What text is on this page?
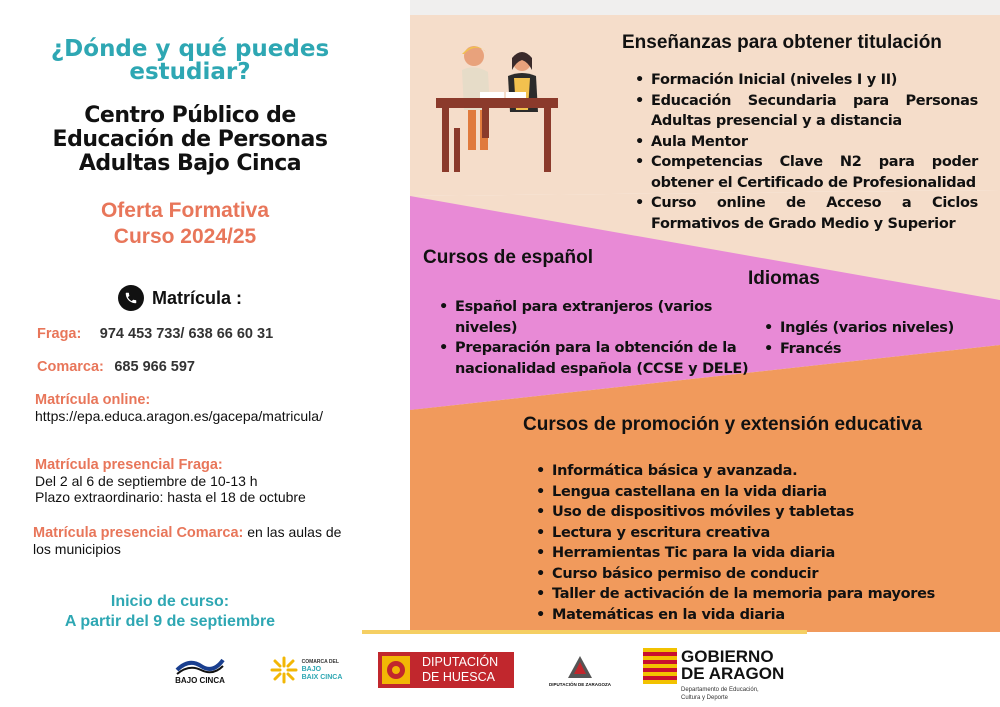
¿Dónde y qué puedes estudiar?
Centro Público de Educación de Personas Adultas Bajo Cinca
Oferta Formativa
Curso 2024/25
Matrícula :
Fraga: 974 453 733/ 638 66 60 31
Comarca: 685 966 597
Matrícula online:
https://epa.educa.aragon.es/gacepa/matricula/
Matrícula presencial Fraga:
Del 2 al 6 de septiembre de 10-13 h
Plazo extraordinario: hasta el 18 de octubre
Matrícula presencial Comarca: en las aulas de los municipios
Inicio de curso:
A partir del 9 de septiembre
Enseñanzas para obtener titulación
• Formación Inicial (niveles I y II)
• Educación Secundaria para Personas Adultas presencial y a distancia
• Aula Mentor
• Competencias Clave N2 para poder obtener el Certificado de Profesionalidad
• Curso online de Acceso a Ciclos Formativos de Grado Medio y Superior
Cursos de español
• Español para extranjeros (varios niveles)
• Preparación para la obtención de la nacionalidad española (CCSE y DELE)
Idiomas
• Inglés (varios niveles)
• Francés
Cursos de promoción y extensión educativa
• Informática básica y avanzada.
• Lengua castellana en la vida diaria
• Uso de dispositivos móviles y tabletas
• Lectura y escritura creativa
• Herramientas Tic para la vida diaria
• Curso básico permiso de conducir
• Taller de activación de la memoria para mayores
• Matemáticas en la vida diaria
BAJO CINCA
COMARCA DEL
BAJO
BAIX CINCA
DIPUTACIÓN
DE HUESCA	DIPUTACIÓN DE ZARAGOZA
GOBIERNO
DE ARAGON
Departamento de Educación,
Cultura y Deporte
